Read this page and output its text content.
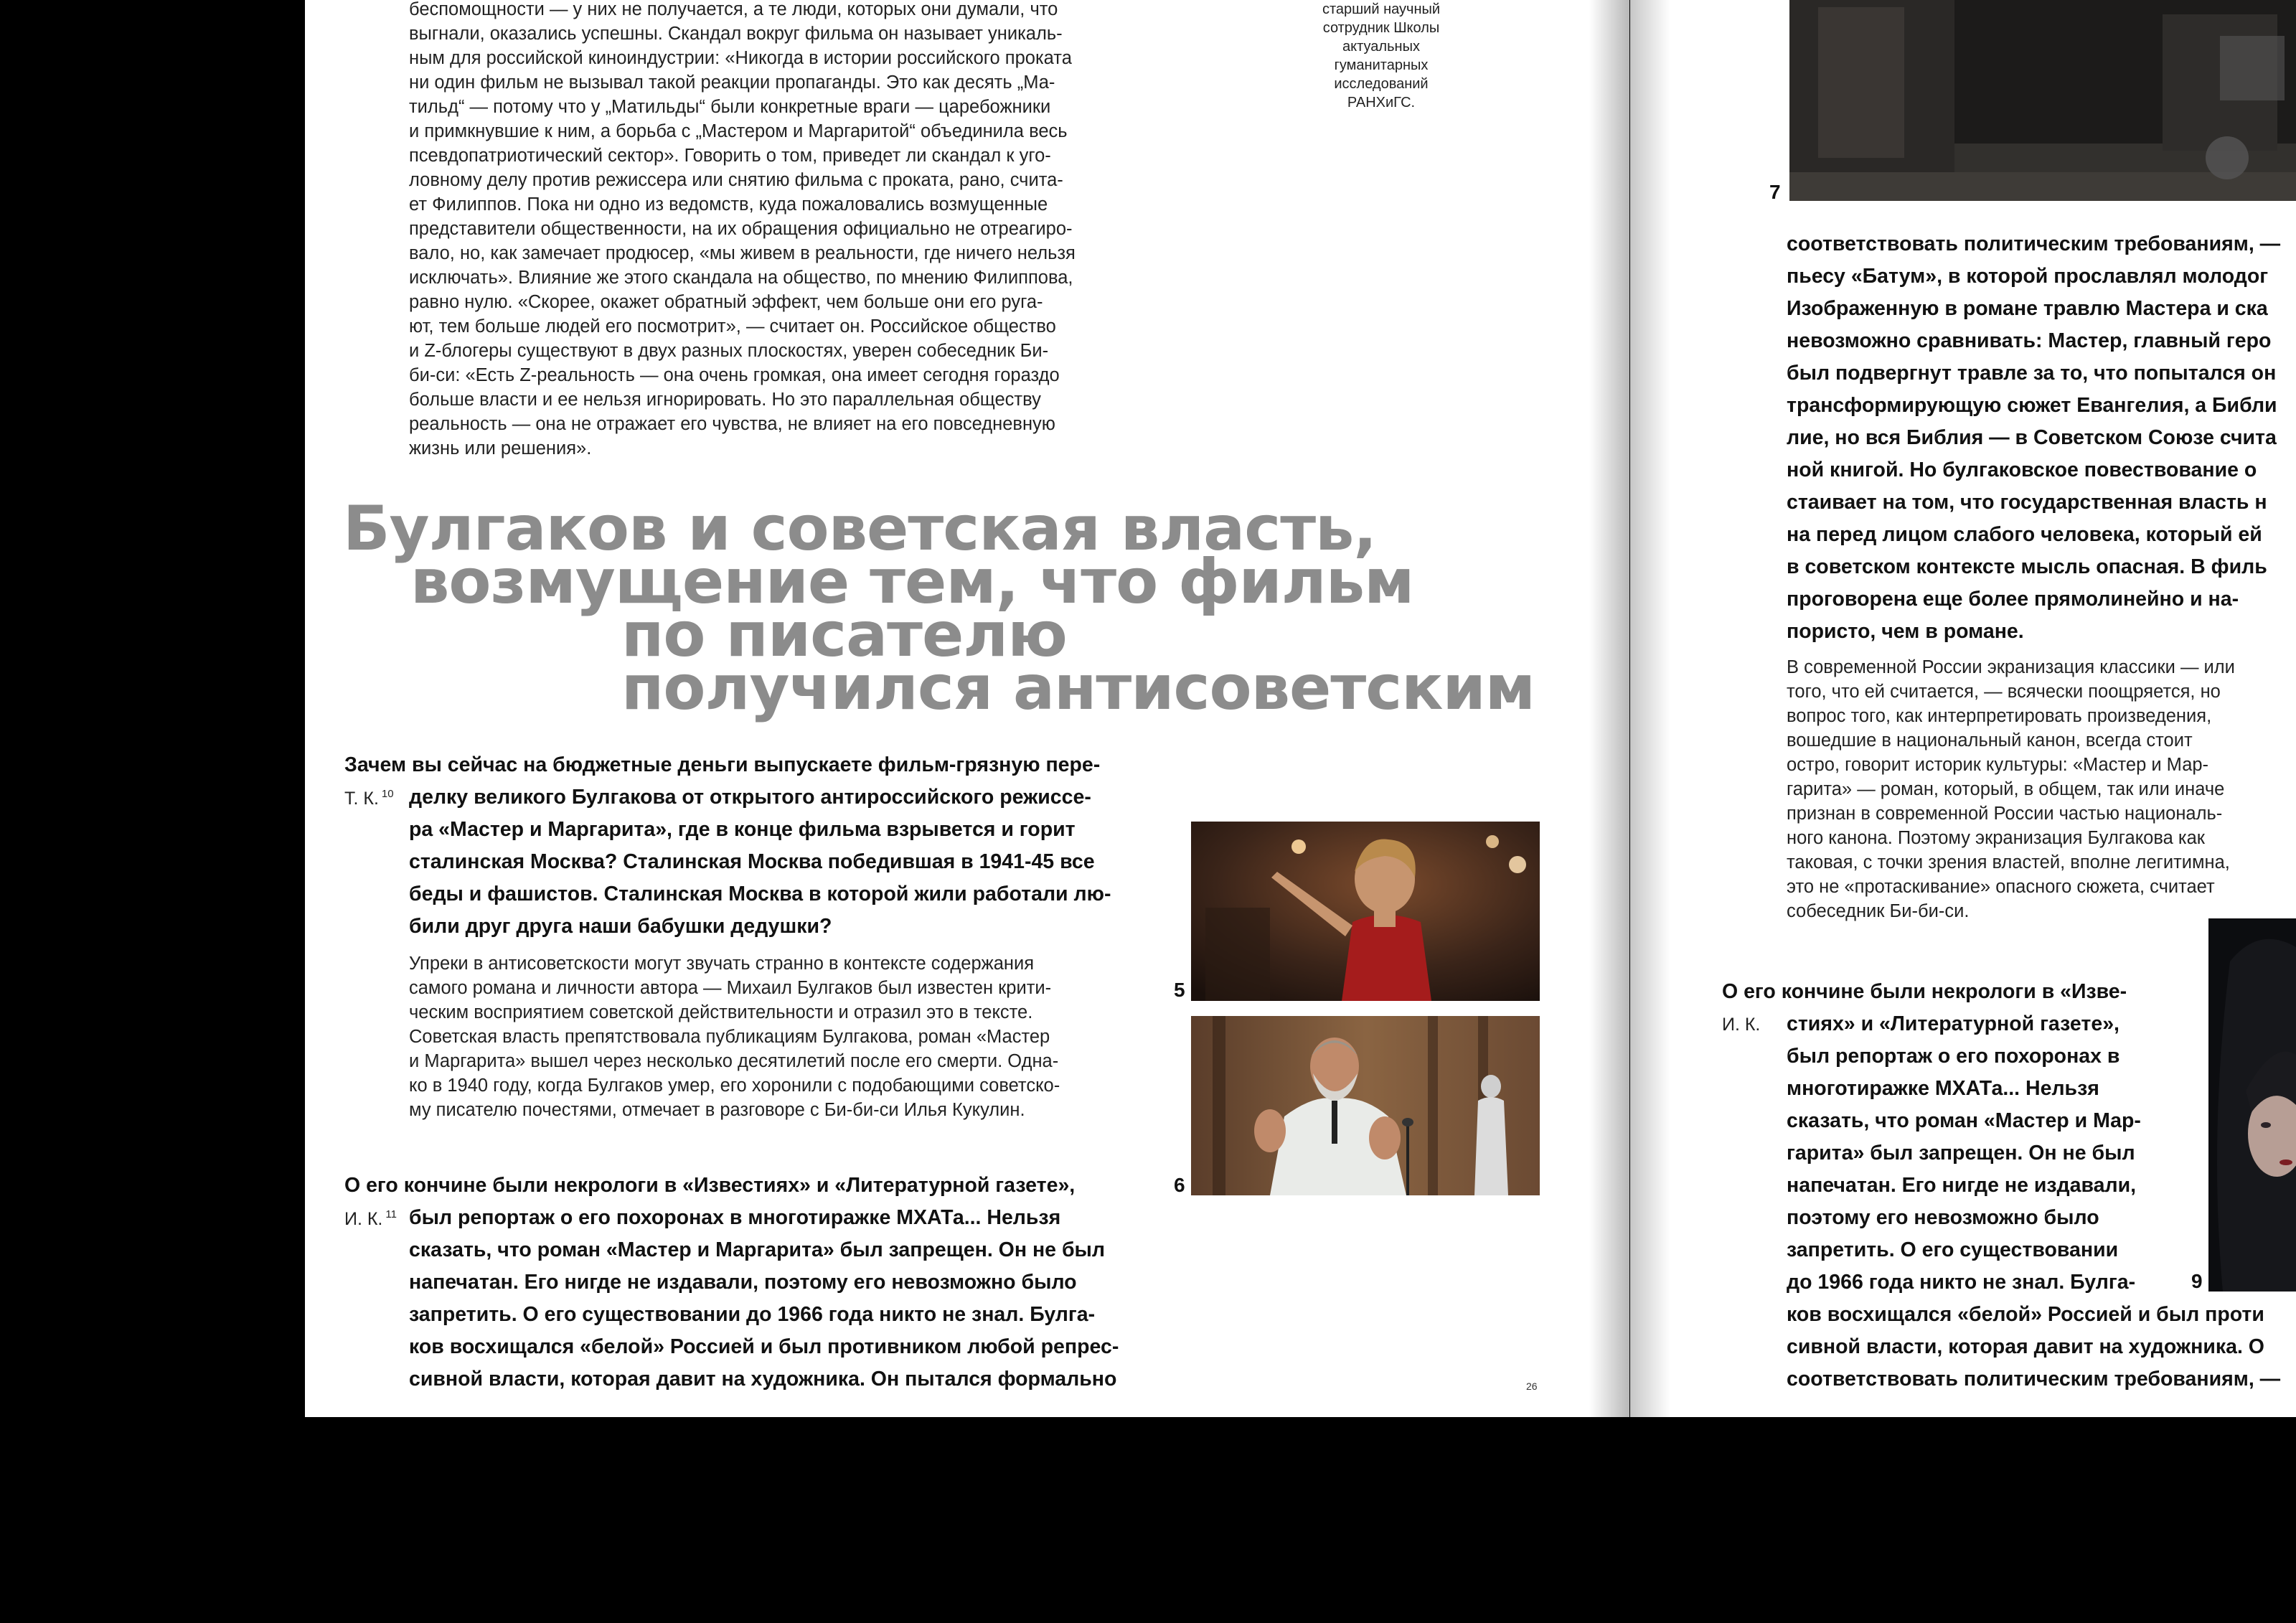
беспомощности — у них не получается, а те люди, которых они думали, что
выгнали, оказались успешны. Скандал вокруг фильма он называет уникаль-
ным для российской киноиндустрии: «Никогда в истории российского проката
ни один фильм не вызывал такой реакции пропаганды. Это как десять „Ма-
тильд“ — потому что у „Матильды“ были конкретные враги — царебожники
и примкнувшие к ним, а борьба с „Мастером и Маргаритой“ объединила весь
псевдопатриотический сектор». Говорить о том, приведет ли скандал к уго-
ловному делу против режиссера или снятию фильма с проката, рано, счита-
ет Филиппов. Пока ни одно из ведомств, куда пожаловались возмущенные
представители общественности, на их обращения официально не отреагиро-
вало, но, как замечает продюсер, «мы живем в реальности, где ничего нельзя
исключать». Влияние же этого скандала на общество, по мнению Филиппова,
равно нулю. «Скорее, окажет обратный эффект, чем больше они его руга-
ют, тем больше людей его посмотрит», — считает он. Российское общество
и Z-блогеры существуют в двух разных плоскостях, уверен собеседник Би-
би-си: «Есть Z-реальность — она очень громкая, она имеет сегодня гораздо
больше власти и ее нельзя игнорировать. Но это параллельная обществу
реальность — она не отражает его чувства, не влияет на его повседневную
жизнь или решения».
старший научный сотрудник Школы актуальных гуманитарных исследований РАНХиГС.
Булгаков и советская власть,
возмущение тем, что фильм
по писателю
получился антисоветским
Зачем вы сейчас на бюджетные деньги выпускаете фильм-грязную пере-
Т. К. $^{10}$ делку великого Булгакова от открытого антироссийского режиссе-
ра «Мастер и Маргарита», где в конце фильма взрывется и горит
сталинская Москва? Сталинская Москва победившая в 1941-45 все
беды и фашистов. Сталинская Москва в которой жили работали лю-
били друг друга наши бабушки дедушки?
Упреки в антисоветскости могут звучать странно в контексте содержания
самого романа и личности автора — Михаил Булгаков был известен крити-
ческим восприятием советской действительности и отразил это в тексте.
Советская власть препятствовала публикациям Булгакова, роман «Мастер
и Маргарита» вышел через несколько десятилетий после его смерти. Одна-
ко в 1940 году, когда Булгаков умер, его хоронили с подобающими советско-
му писателю почестями, отмечает в разговоре с Би-би-си Илья Кукулин.
О его кончине были некрологи в «Известиях» и «Литературной газете»,
И. К. $^{11}$ был репортаж о его похоронах в многотиражке МХАТа... Нельзя
сказать, что роман «Мастер и Маргарита» был запрещен. Он не был
напечатан. Его нигде не издавали, поэтому его невозможно было
запретить. О его существовании до 1966 года никто не знал. Булга-
ков восхищался «белой» Россией и был противником любой репрес-
сивной власти, которая давит на художника. Он пытался формально
5
6
26
7
соответствовать политическим требованиям, —
пьесу «Батум», в которой прославлял молодог
Изображенную в романе травлю Мастера и ска
невозможно сравнивать: Мастер, главный геро
был подвергнут травле за то, что попытался он
трансформирующую сюжет Евангелия, а Библи
лие, но вся Библия — в Советском Союзе счита
ной книгой. Но булгаковское повествование о
стаивает на том, что государственная власть н
на перед лицом слабого человека, который ей
в советском контексте мысль опасная. В филь
проговорена еще более прямолинейно и на-
пористо, чем в романе.
В современной России экранизация классики — или
того, что ей считается, — всячески поощряется, но
вопрос того, как интерпретировать произведения,
вошедшие в национальный канон, всегда стоит
остро, говорит историк культуры: «Мастер и Мар-
гарита» — роман, который, в общем, так или иначе
признан в современной России частью националь-
ного канона. Поэтому экранизация Булгакова как
таковая, с точки зрения властей, вполне легитимна,
это не «протаскивание» опасного сюжета, считает
собеседник Би-би-си.
9
О его кончине были некрологи в «Изве-
И. К. стиях» и «Литературной газете»,
был репортаж о его похоронах в
многотиражке МХАТа... Нельзя
сказать, что роман «Мастер и Мар-
гарита» был запрещен. Он не был
напечатан. Его нигде не издавали,
поэтому его невозможно было
запретить. О его существовании
до 1966 года никто не знал. Булга-
ков восхищался «белой» Россией и был проти
сивной власти, которая давит на художника. О
соответствовать политическим требованиям, —
